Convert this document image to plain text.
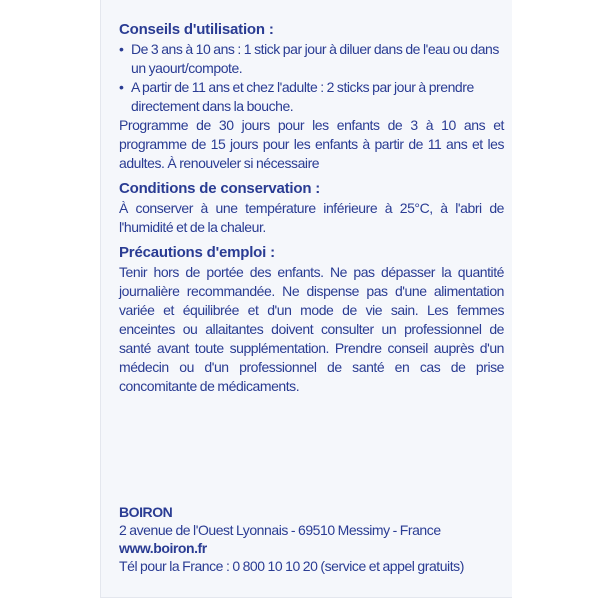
Conseils d'utilisation :
• De 3 ans à 10 ans : 1 stick par jour à diluer dans de l'eau ou dans un yaourt/compote.
• A partir de 11 ans et chez l'adulte : 2 sticks par jour à prendre directement dans la bouche.

Programme de 30 jours pour les enfants de 3 à 10 ans et programme de 15 jours pour les enfants à partir de 11 ans et les adultes. À renouveler si nécessaire

Conditions de conservation :

À conserver à une température inférieure à 25°C, à l'abri de l'humidité et de la chaleur.

Précautions d'emploi :

Tenir hors de portée des enfants. Ne pas dépasser la quantité journalière recommandée. Ne dispense pas d'une alimentation variée et équilibrée et d'un mode de vie sain. Les femmes enceintes ou allaitantes doivent consulter un professionnel de santé avant toute supplémentation. Prendre conseil auprès d'un médecin ou d'un professionnel de santé en cas de prise concomitante de médicaments.

BOIRON

2 avenue de l'Ouest Lyonnais - 69510 Messimy - France

www.boiron.fr

Tél pour la France : 0 800 10 10 20 (service et appel gratuits)
